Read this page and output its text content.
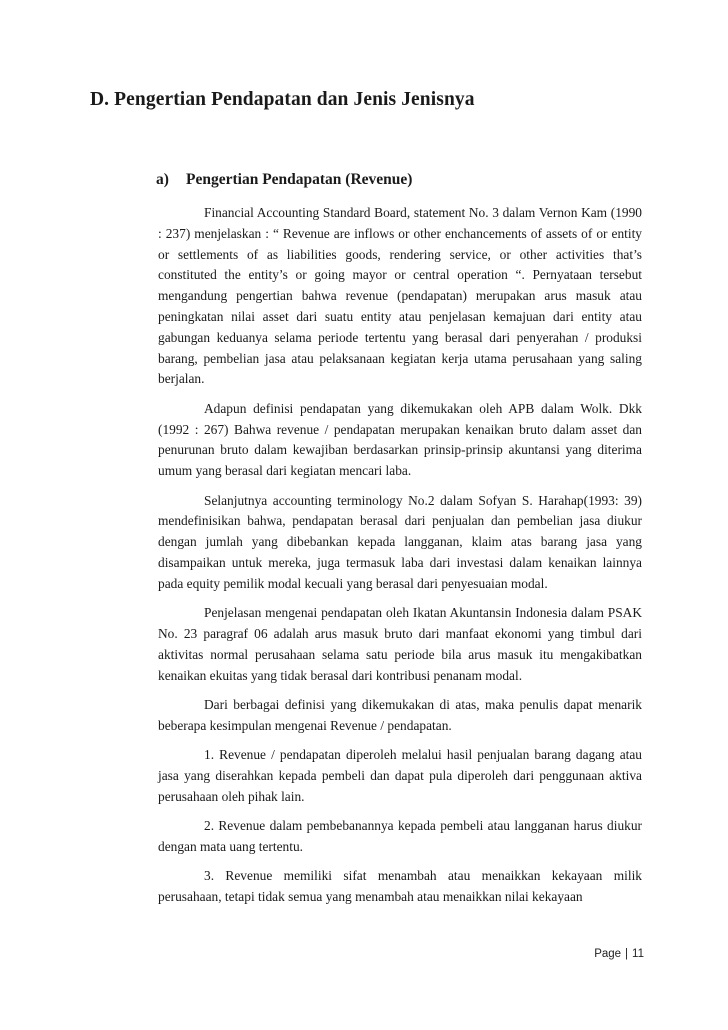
D. Pengertian Pendapatan dan Jenis Jenisnya
a) Pengertian Pendapatan (Revenue)

Financial Accounting Standard Board, statement No. 3 dalam Vernon Kam (1990 : 237) menjelaskan : “ Revenue are inflows or other enchancements of assets of or entity or settlements of as liabilities goods, rendering service, or other activities that’s constituted the entity’s or going mayor or central operation “. Pernyataan tersebut mengandung pengertian bahwa revenue (pendapatan) merupakan arus masuk atau peningkatan nilai asset dari suatu entity atau penjelasan kemajuan dari entity atau gabungan keduanya selama periode tertentu yang berasal dari penyerahan / produksi barang, pembelian jasa atau pelaksanaan kegiatan kerja utama perusahaan yang saling berjalan.

Adapun definisi pendapatan yang dikemukakan oleh APB dalam Wolk. Dkk (1992 : 267) Bahwa revenue / pendapatan merupakan kenaikan bruto dalam asset dan penurunan bruto dalam kewajiban berdasarkan prinsip-prinsip akuntansi yang diterima umum yang berasal dari kegiatan mencari laba.

Selanjutnya accounting terminology No.2 dalam Sofyan S. Harahap(1993: 39) mendefinisikan bahwa, pendapatan berasal dari penjualan dan pembelian jasa diukur dengan jumlah yang dibebankan kepada langganan, klaim atas barang jasa yang disampaikan untuk mereka, juga termasuk laba dari investasi dalam kenaikan lainnya pada equity pemilik modal kecuali yang berasal dari penyesuaian modal.

Penjelasan mengenai pendapatan oleh Ikatan Akuntansin Indonesia dalam PSAK No. 23 paragraf 06 adalah arus masuk bruto dari manfaat ekonomi yang timbul dari aktivitas normal perusahaan selama satu periode bila arus masuk itu mengakibatkan kenaikan ekuitas yang tidak berasal dari kontribusi penanam modal.

Dari berbagai definisi yang dikemukakan di atas, maka penulis dapat menarik beberapa kesimpulan mengenai Revenue / pendapatan.

1. Revenue / pendapatan diperoleh melalui hasil penjualan barang dagang atau jasa yang diserahkan kepada pembeli dan dapat pula diperoleh dari penggunaan aktiva perusahaan oleh pihak lain.

2. Revenue dalam pembebanannya kepada pembeli atau langganan harus diukur dengan mata uang tertentu.

3. Revenue memiliki sifat menambah atau menaikkan kekayaan milik perusahaan, tetapi tidak semua yang menambah atau menaikkan nilai kekayaan

Page | 11
